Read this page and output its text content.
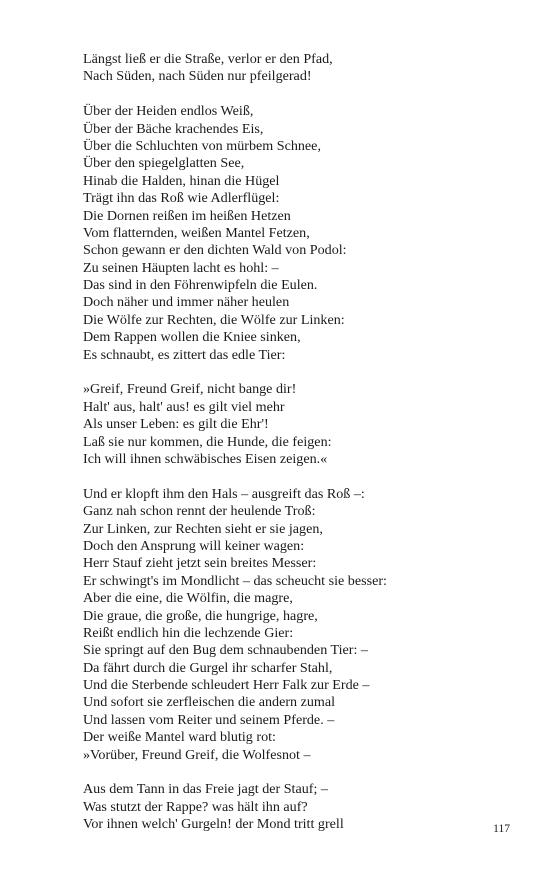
Längst ließ er die Straße, verlor er den Pfad,
Nach Süden, nach Süden nur pfeilgerad!
Über der Heiden endlos Weiß,
Über der Bäche krachendes Eis,
Über die Schluchten von mürbem Schnee,
Über den spiegelglatten See,
Hinab die Halden, hinan die Hügel
Trägt ihn das Roß wie Adlerflügel:
Die Dornen reißen im heißen Hetzen
Vom flatternden, weißen Mantel Fetzen,
Schon gewann er den dichten Wald von Podol:
Zu seinen Häupten lacht es hohl: –
Das sind in den Föhrenwipfeln die Eulen.
Doch näher und immer näher heulen
Die Wölfe zur Rechten, die Wölfe zur Linken:
Dem Rappen wollen die Kniee sinken,
Es schnaubt, es zittert das edle Tier:
»Greif, Freund Greif, nicht bange dir!
Halt' aus, halt' aus! es gilt viel mehr
Als unser Leben: es gilt die Ehr'!
Laß sie nur kommen, die Hunde, die feigen:
Ich will ihnen schwäbisches Eisen zeigen.«
Und er klopft ihm den Hals – ausgreift das Roß –:
Ganz nah schon rennt der heulende Troß:
Zur Linken, zur Rechten sieht er sie jagen,
Doch den Ansprung will keiner wagen:
Herr Stauf zieht jetzt sein breites Messer:
Er schwingt's im Mondlicht – das scheucht sie besser:
Aber die eine, die Wölfin, die magre,
Die graue, die große, die hungrige, hagre,
Reißt endlich hin die lechzende Gier:
Sie springt auf den Bug dem schnaubenden Tier: –
Da fährt durch die Gurgel ihr scharfer Stahl,
Und die Sterbende schleudert Herr Falk zur Erde –
Und sofort sie zerfleischen die andern zumal
Und lassen vom Reiter und seinem Pferde. –
Der weiße Mantel ward blutig rot:
»Vorüber, Freund Greif, die Wolfesnot –
Aus dem Tann in das Freie jagt der Stauf; –
Was stutzt der Rappe? was hält ihn auf?
Vor ihnen welch' Gurgeln! der Mond tritt grell	117
